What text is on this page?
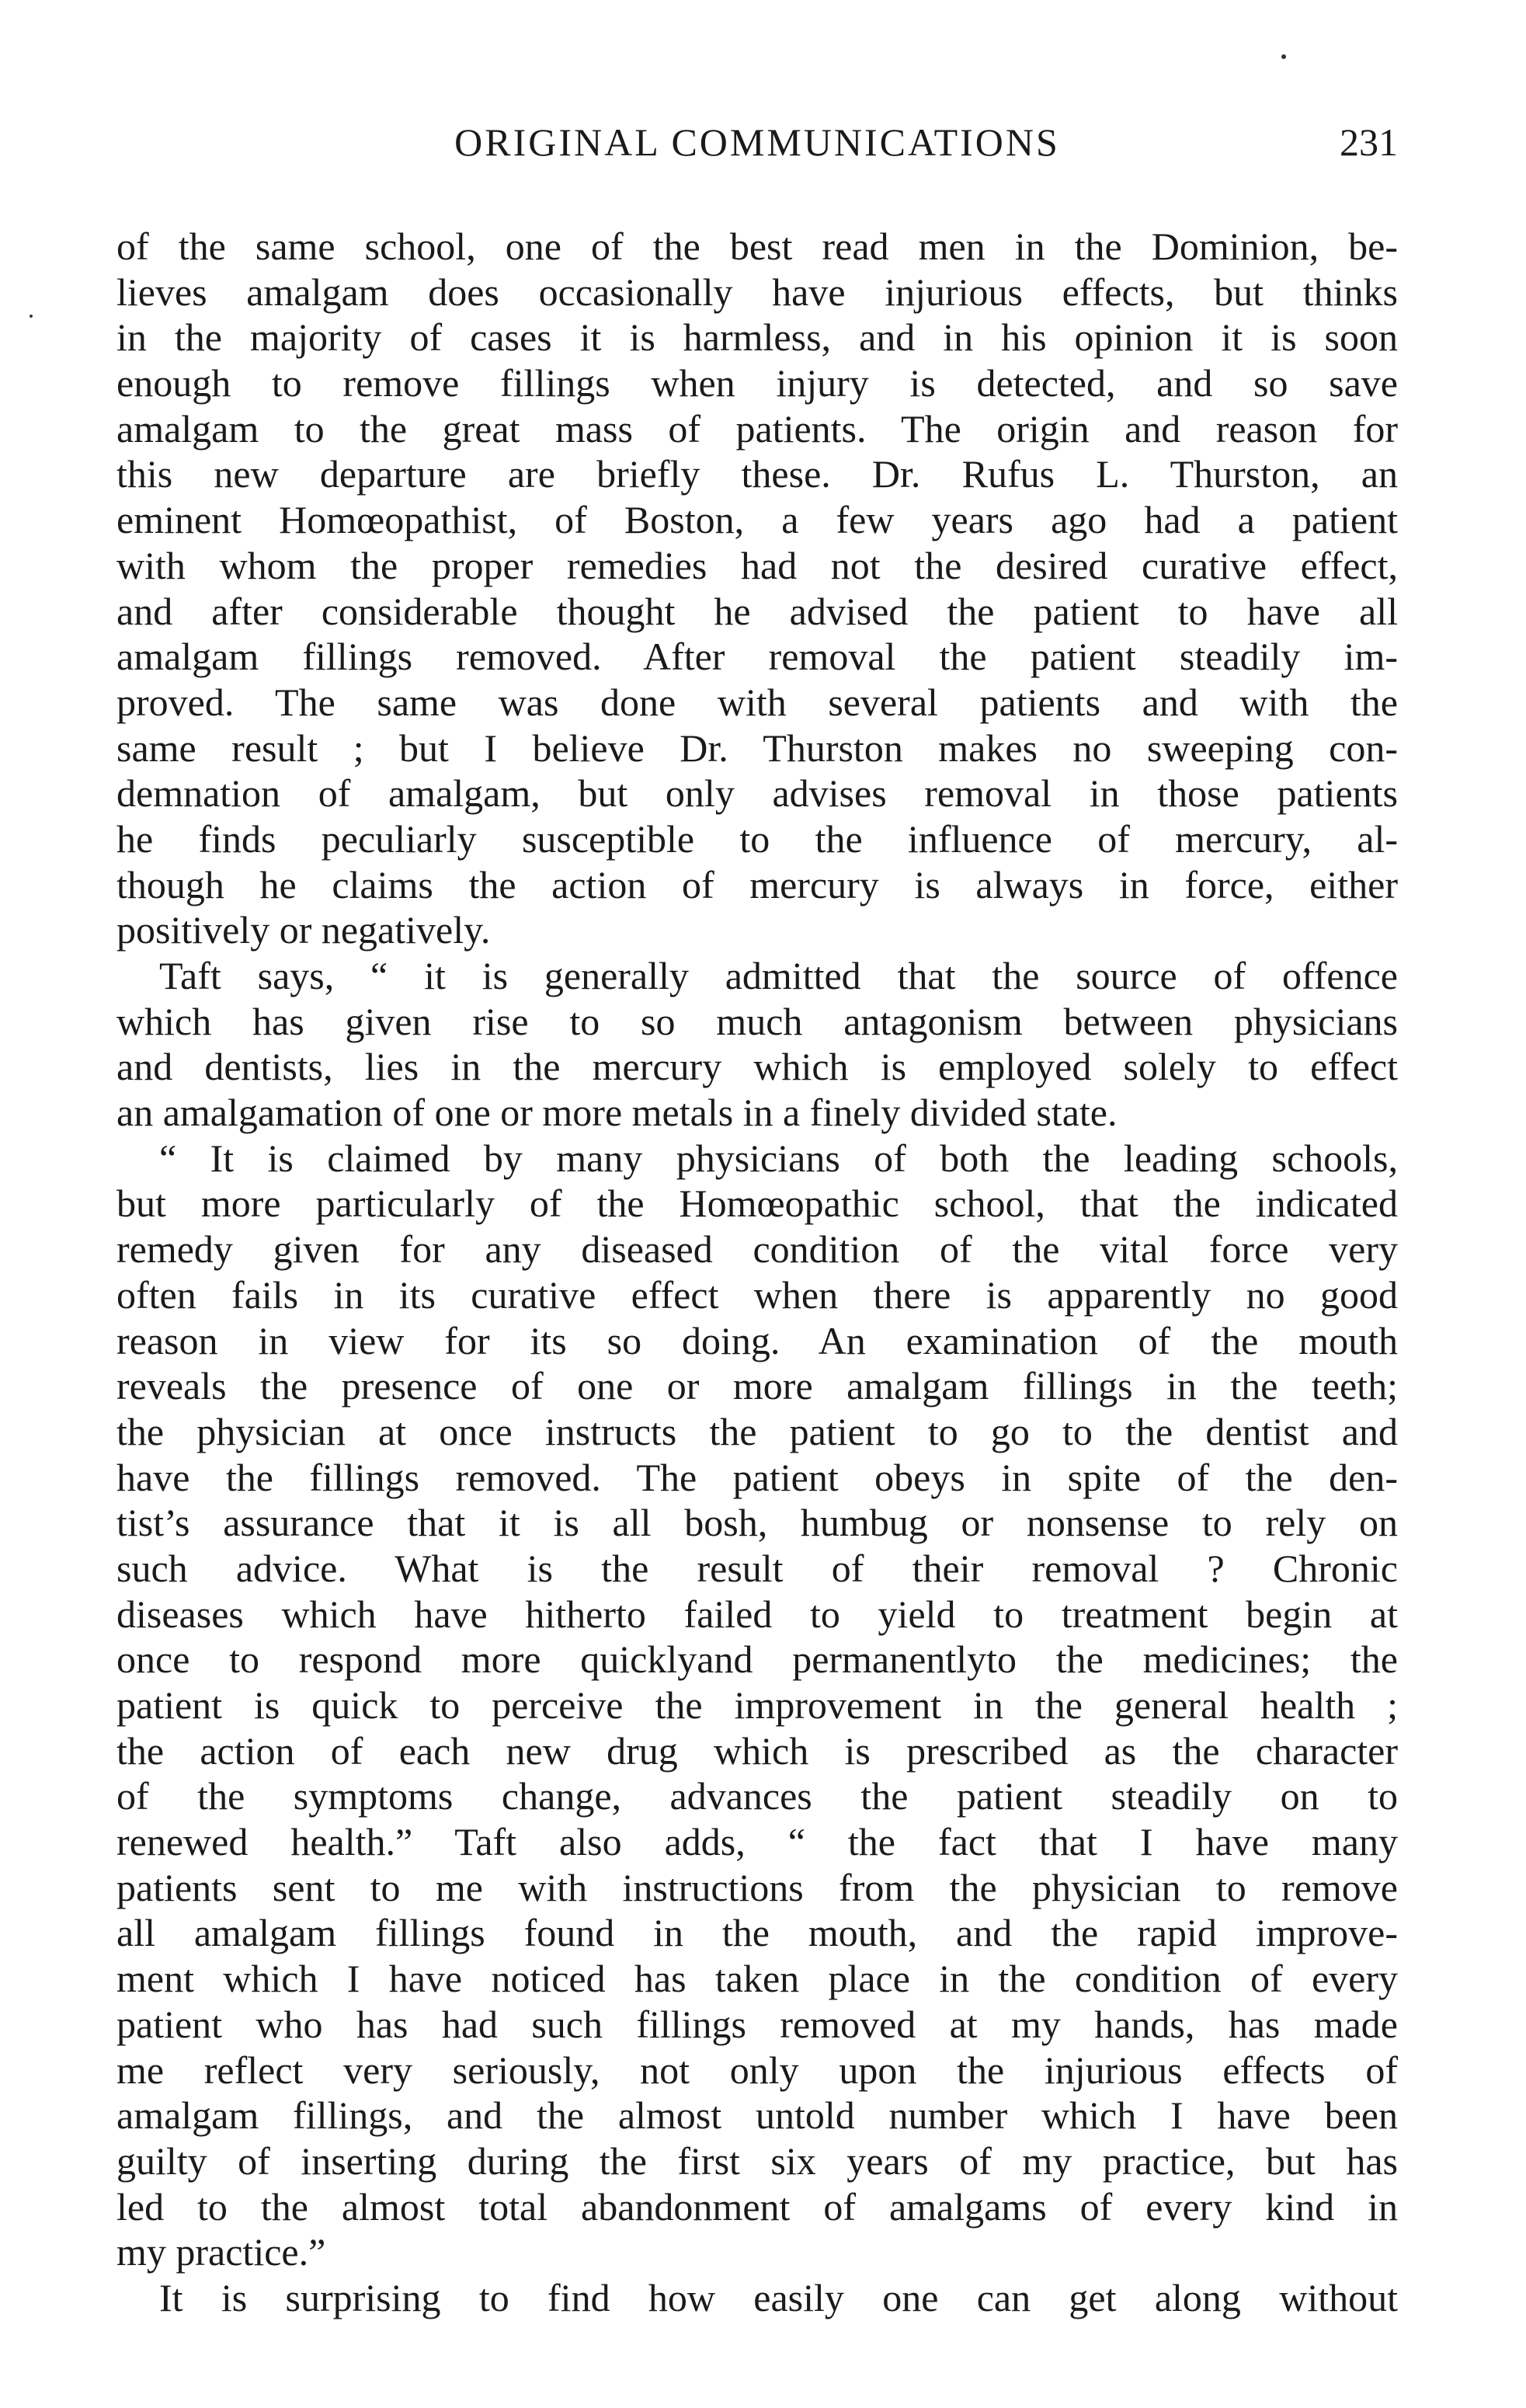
ORIGINAL COMMUNICATIONS	231
of the same school, one of the best read men in the Dominion, be-
lieves amalgam does occasionally have injurious effects, but thinks
in the majority of cases it is harmless, and in his opinion it is soon
enough to remove fillings when injury is detected, and so save
amalgam to the great mass of patients. The origin and reason for
this new departure are briefly these. Dr. Rufus L. Thurston, an
eminent Homœopathist, of Boston, a few years ago had a patient
with whom the proper remedies had not the desired curative effect,
and after considerable thought he advised the patient to have all
amalgam fillings removed. After removal the patient steadily im-
proved. The same was done with several patients and with the
same result ; but I believe Dr. Thurston makes no sweeping con-
demnation of amalgam, but only advises removal in those patients
he finds peculiarly susceptible to the influence of mercury, al-
though he claims the action of mercury is always in force, either
positively or negatively.
Taft says, “ it is generally admitted that the source of offence
which has given rise to so much antagonism between physicians
and dentists, lies in the mercury which is employed solely to effect
an amalgamation of one or more metals in a finely divided state.
“ It is claimed by many physicians of both the leading schools,
but more particularly of the Homœopathic school, that the indicated
remedy given for any diseased condition of the vital force very
often fails in its curative effect when there is apparently no good
reason in view for its so doing. An examination of the mouth
reveals the presence of one or more amalgam fillings in the teeth;
the physician at once instructs the patient to go to the dentist and
have the fillings removed. The patient obeys in spite of the den-
tist’s assurance that it is all bosh, humbug or nonsense to rely on
such advice. What is the result of their removal ? Chronic
diseases which have hitherto failed to yield to treatment begin at
once to respond more quicklyand permanentlyto the medicines; the
patient is quick to perceive the improvement in the general health ;
the action of each new drug which is prescribed as the character
of the symptoms change, advances the patient steadily on to
renewed health.” Taft also adds, “ the fact that I have many
patients sent to me with instructions from the physician to remove
all amalgam fillings found in the mouth, and the rapid improve-
ment which I have noticed has taken place in the condition of every
patient who has had such fillings removed at my hands, has made
me reflect very seriously, not only upon the injurious effects of
amalgam fillings, and the almost untold number which I have been
guilty of inserting during the first six years of my practice, but has
led to the almost total abandonment of amalgams of every kind in
my practice.”
It is surprising to find how easily one can get along without
